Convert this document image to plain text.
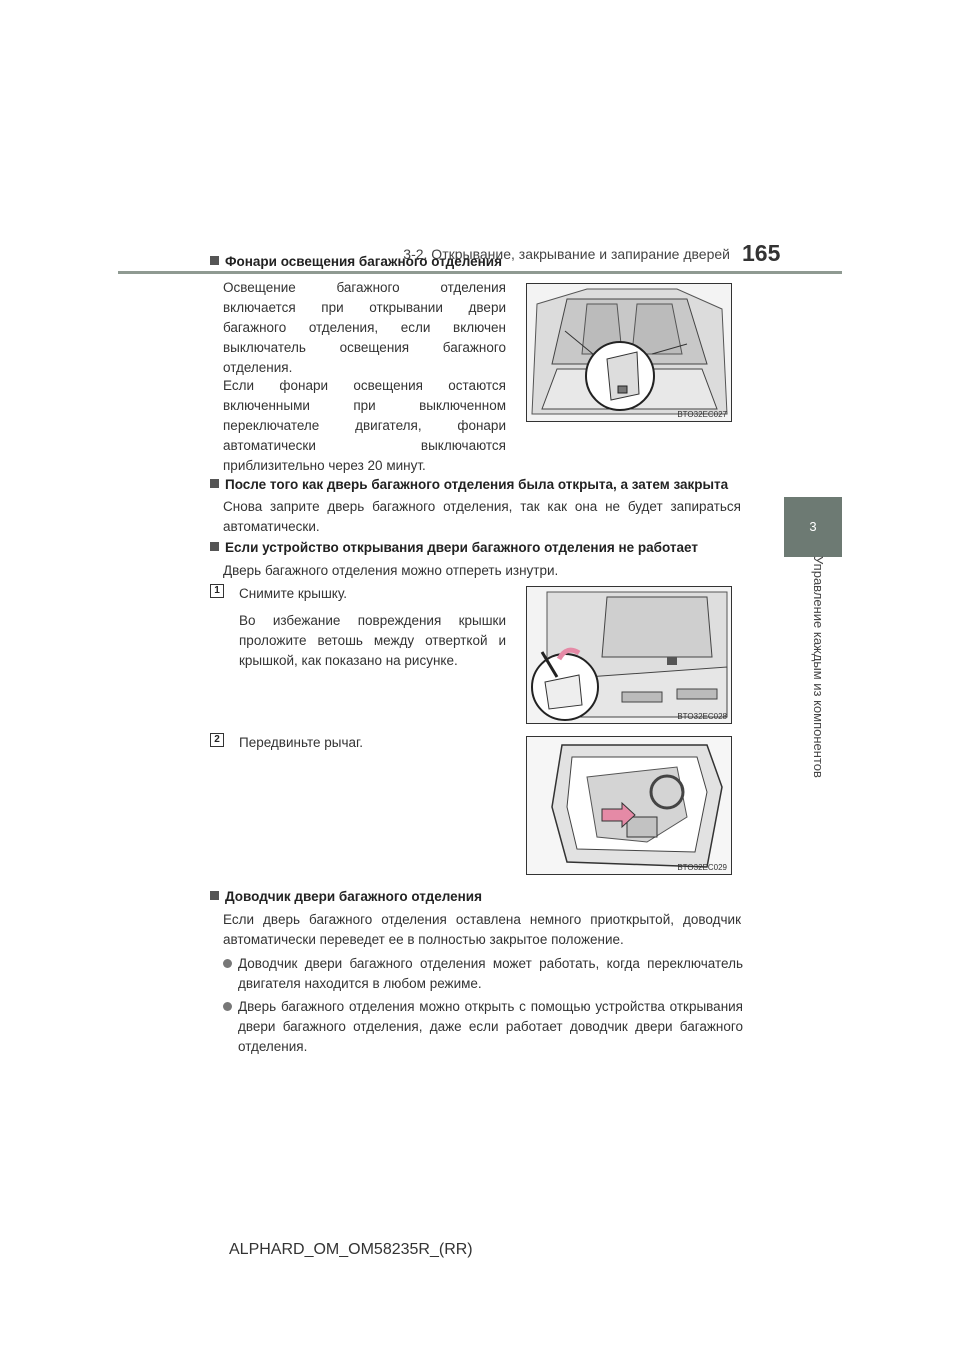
3-2. Открывание, закрывание и запирание дверей 165
3
Управление каждым из компонентов
Фонари освещения багажного отделения
Освещение багажного отделения включается при открывании двери багажного отделения, если включен выключатель освещения багажного отделения.
Если фонари освещения остаются включенными при выключенном переключателе двигателя, фонари автоматически выключаются приблизительно через 20 минут.
BTO32EC027
После того как дверь багажного отделения была открыта, а затем закрыта
Снова заприте дверь багажного отделения, так как она не будет запираться автоматически.
Если устройство открывания двери багажного отделения не работает
Дверь багажного отделения можно отпереть изнутри.
1	Снимите крышку.
Во избежание повреждения крышки проложите ветошь между отверткой и крышкой, как показано на рисунке.
BTO32EC028
2	Передвиньте рычаг.
BTO32EC029
Доводчик двери багажного отделения
Если дверь багажного отделения оставлена немного приоткрытой, доводчик автоматически переведет ее в полностью закрытое положение.
Доводчик двери багажного отделения может работать, когда переключатель двигателя находится в любом режиме.
Дверь багажного отделения можно открыть с помощью устройства открывания двери багажного отделения, даже если работает доводчик двери багажного отделения.
ALPHARD_OM_OM58235R_(RR)
